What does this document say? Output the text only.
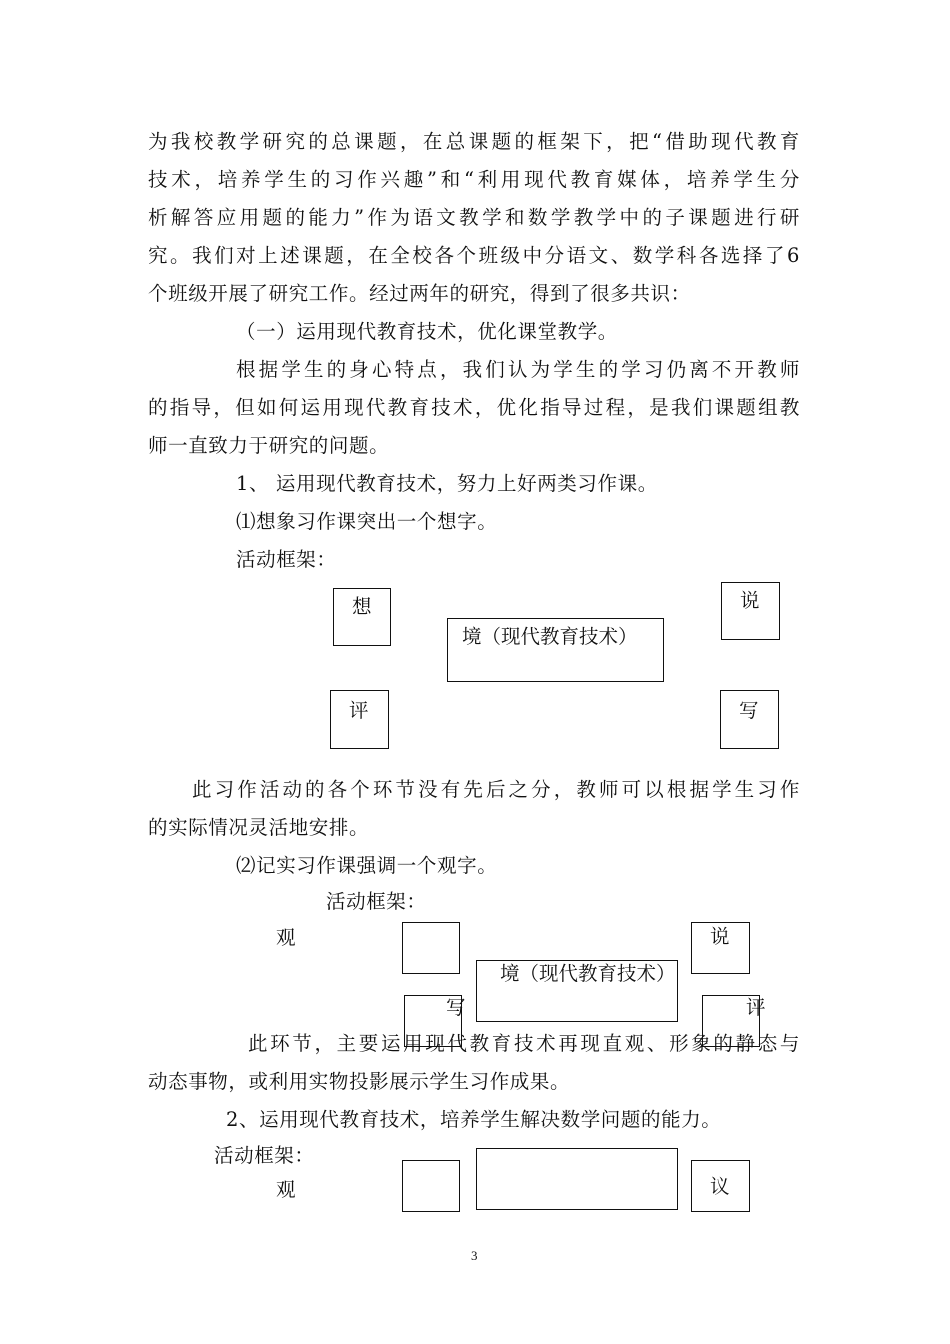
为我校教学研究的总课题，在总课题的框架下，把“借助现代教育
技术，培养学生的习作兴趣”和“利用现代教育媒体，培养学生分
析解答应用题的能力”作为语文教学和数学教学中的子课题进行研
究。我们对上述课题，在全校各个班级中分语文、数学科各选择了6
个班级开展了研究工作。经过两年的研究，得到了很多共识：
（一）运用现代教育技术，优化课堂教学。
根据学生的身心特点，我们认为学生的学习仍离不开教师
的指导，但如何运用现代教育技术，优化指导过程，是我们课题组教
师一直致力于研究的问题。
1、 运用现代教育技术，努力上好两类习作课。
⑴想象习作课突出一个想字。
活动框架：
想	说
境（现代教育技术）
评	写
此习作活动的各个环节没有先后之分，教师可以根据学生习作
的实际情况灵活地安排。
⑵记实习作课强调一个观字。
活动框架：
观	说
境（现代教育技术）
写	评
此环节，主要运用现代教育技术再现直观、形象的静态与
动态事物，或利用实物投影展示学生习作成果。
2、运用现代教育技术，培养学生解决数学问题的能力。
活动框架：
观	议
3
